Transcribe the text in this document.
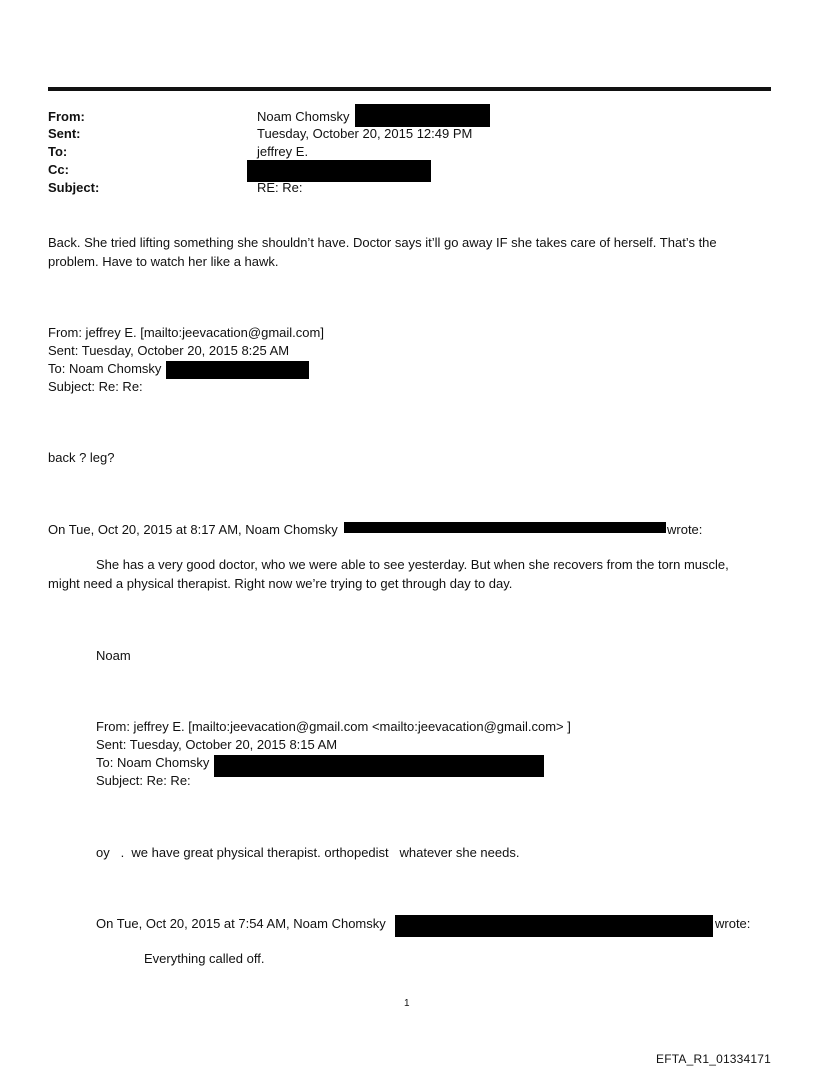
From:	Noam Chomsky
Sent:	Tuesday, October 20, 2015 12:49 PM
To:	jeffrey E.
Cc:
Subject:	RE: Re:
Back. She tried lifting something she shouldn’t have. Doctor says it’ll go away IF she takes care of herself. That’s the
problem. Have to watch her like a hawk.
From: jeffrey E. [mailto:jeevacation@gmail.com]
Sent: Tuesday, October 20, 2015 8:25 AM
To: Noam Chomsky
Subject: Re: Re:
back ? leg?
On Tue, Oct 20, 2015 at 8:17 AM, Noam Chomsky	wrote:
She has a very good doctor, who we were able to see yesterday. But when she recovers from the torn muscle,
might need a physical therapist. Right now we’re trying to get through day to day.
Noam
From: jeffrey E. [mailto:jeevacation@gmail.com <mailto:jeevacation@gmail.com> ]
Sent: Tuesday, October 20, 2015 8:15 AM
To: Noam Chomsky
Subject: Re: Re:
oy   .  we have great physical therapist. orthopedist   whatever she needs.
On Tue, Oct 20, 2015 at 7:54 AM, Noam Chomsky	wrote:
Everything called off.
1
EFTA_R1_01334171
